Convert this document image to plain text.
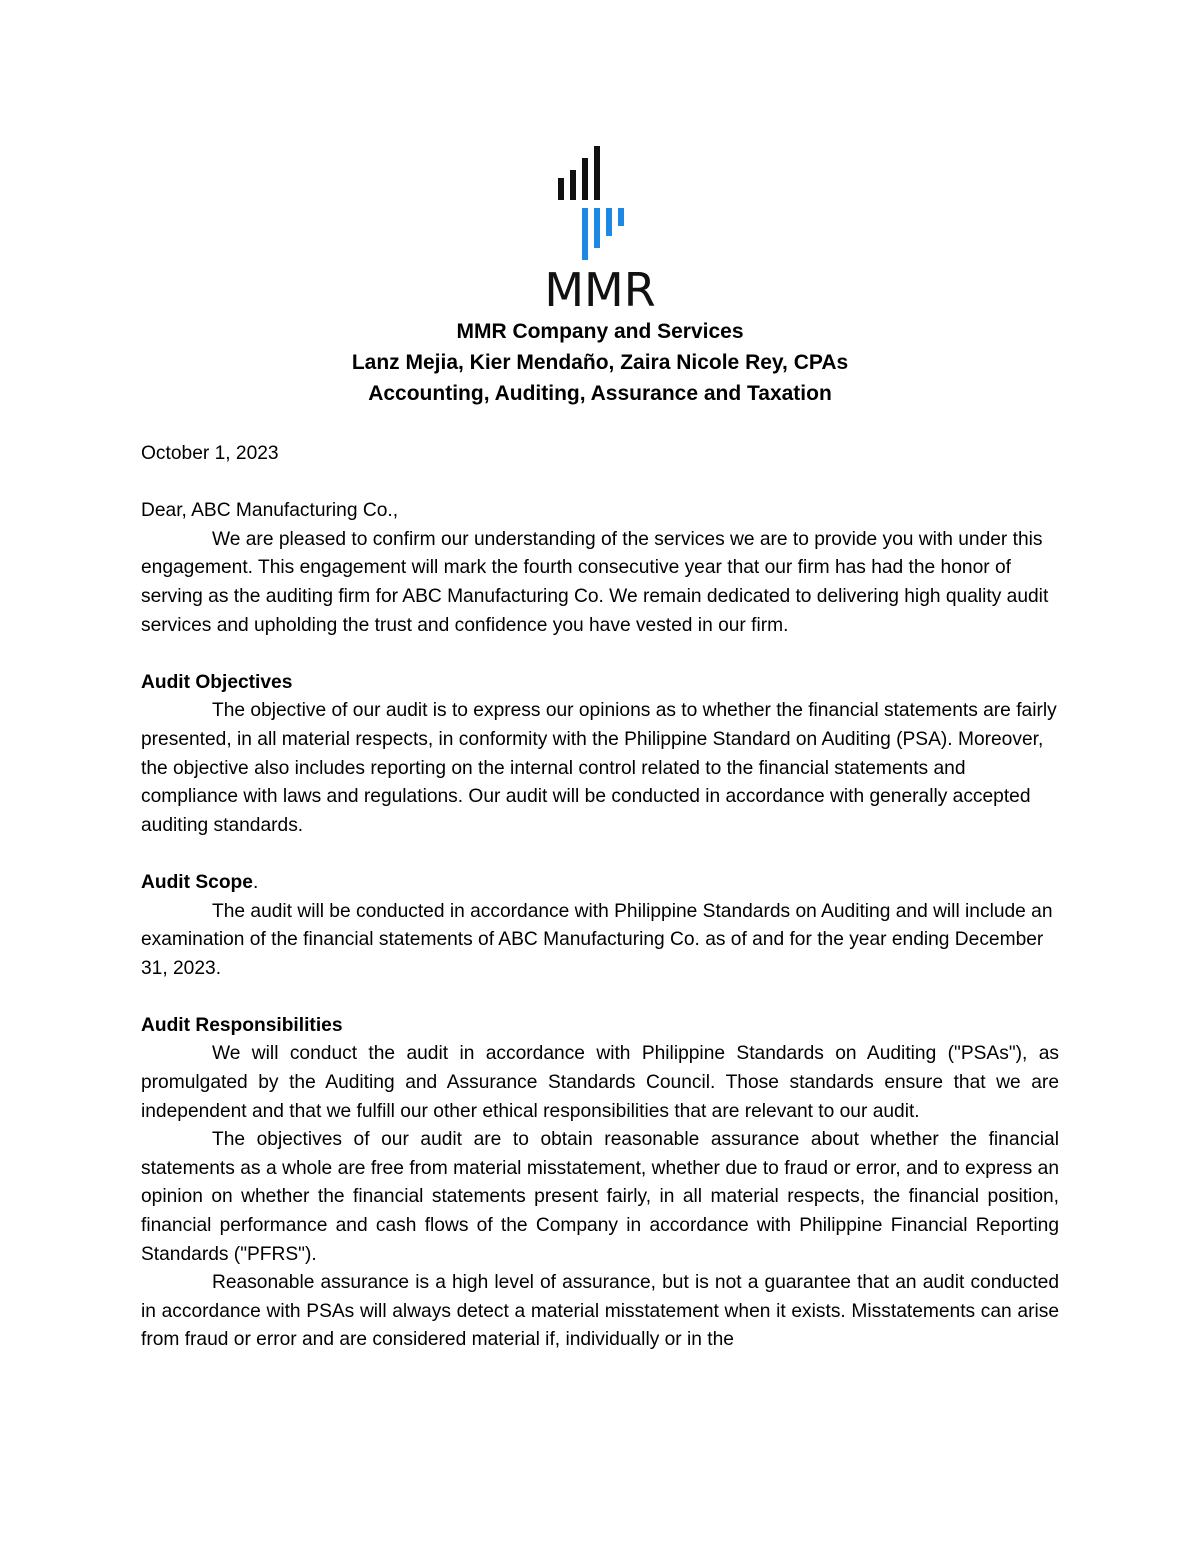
MMR
MMR Company and Services
Lanz Mejia, Kier Mendaño, Zaira Nicole Rey, CPAs
Accounting, Auditing, Assurance and Taxation

October 1, 2023

Dear, ABC Manufacturing Co.,

We are pleased to confirm our understanding of the services we are to provide you with under this engagement. This engagement will mark the fourth consecutive year that our firm has had the honor of serving as the auditing firm for ABC Manufacturing Co. We remain dedicated to delivering high quality audit services and upholding the trust and confidence you have vested in our firm.

Audit Objectives

The objective of our audit is to express our opinions as to whether the financial statements are fairly presented, in all material respects, in conformity with the Philippine Standard on Auditing (PSA). Moreover, the objective also includes reporting on the internal control related to the financial statements and compliance with laws and regulations. Our audit will be conducted in accordance with generally accepted auditing standards.

Audit Scope.

The audit will be conducted in accordance with Philippine Standards on Auditing and will include an examination of the financial statements of ABC Manufacturing Co. as of and for the year ending December 31, 2023.

Audit Responsibilities

We will conduct the audit in accordance with Philippine Standards on Auditing ("PSAs"), as promulgated by the Auditing and Assurance Standards Council. Those standards ensure that we are independent and that we fulfill our other ethical responsibilities that are relevant to our audit.

The objectives of our audit are to obtain reasonable assurance about whether the financial statements as a whole are free from material misstatement, whether due to fraud or error, and to express an opinion on whether the financial statements present fairly, in all material respects, the financial position, financial performance and cash flows of the Company in accordance with Philippine Financial Reporting Standards ("PFRS").

Reasonable assurance is a high level of assurance, but is not a guarantee that an audit conducted in accordance with PSAs will always detect a material misstatement when it exists. Misstatements can arise from fraud or error and are considered material if, individually or in the
